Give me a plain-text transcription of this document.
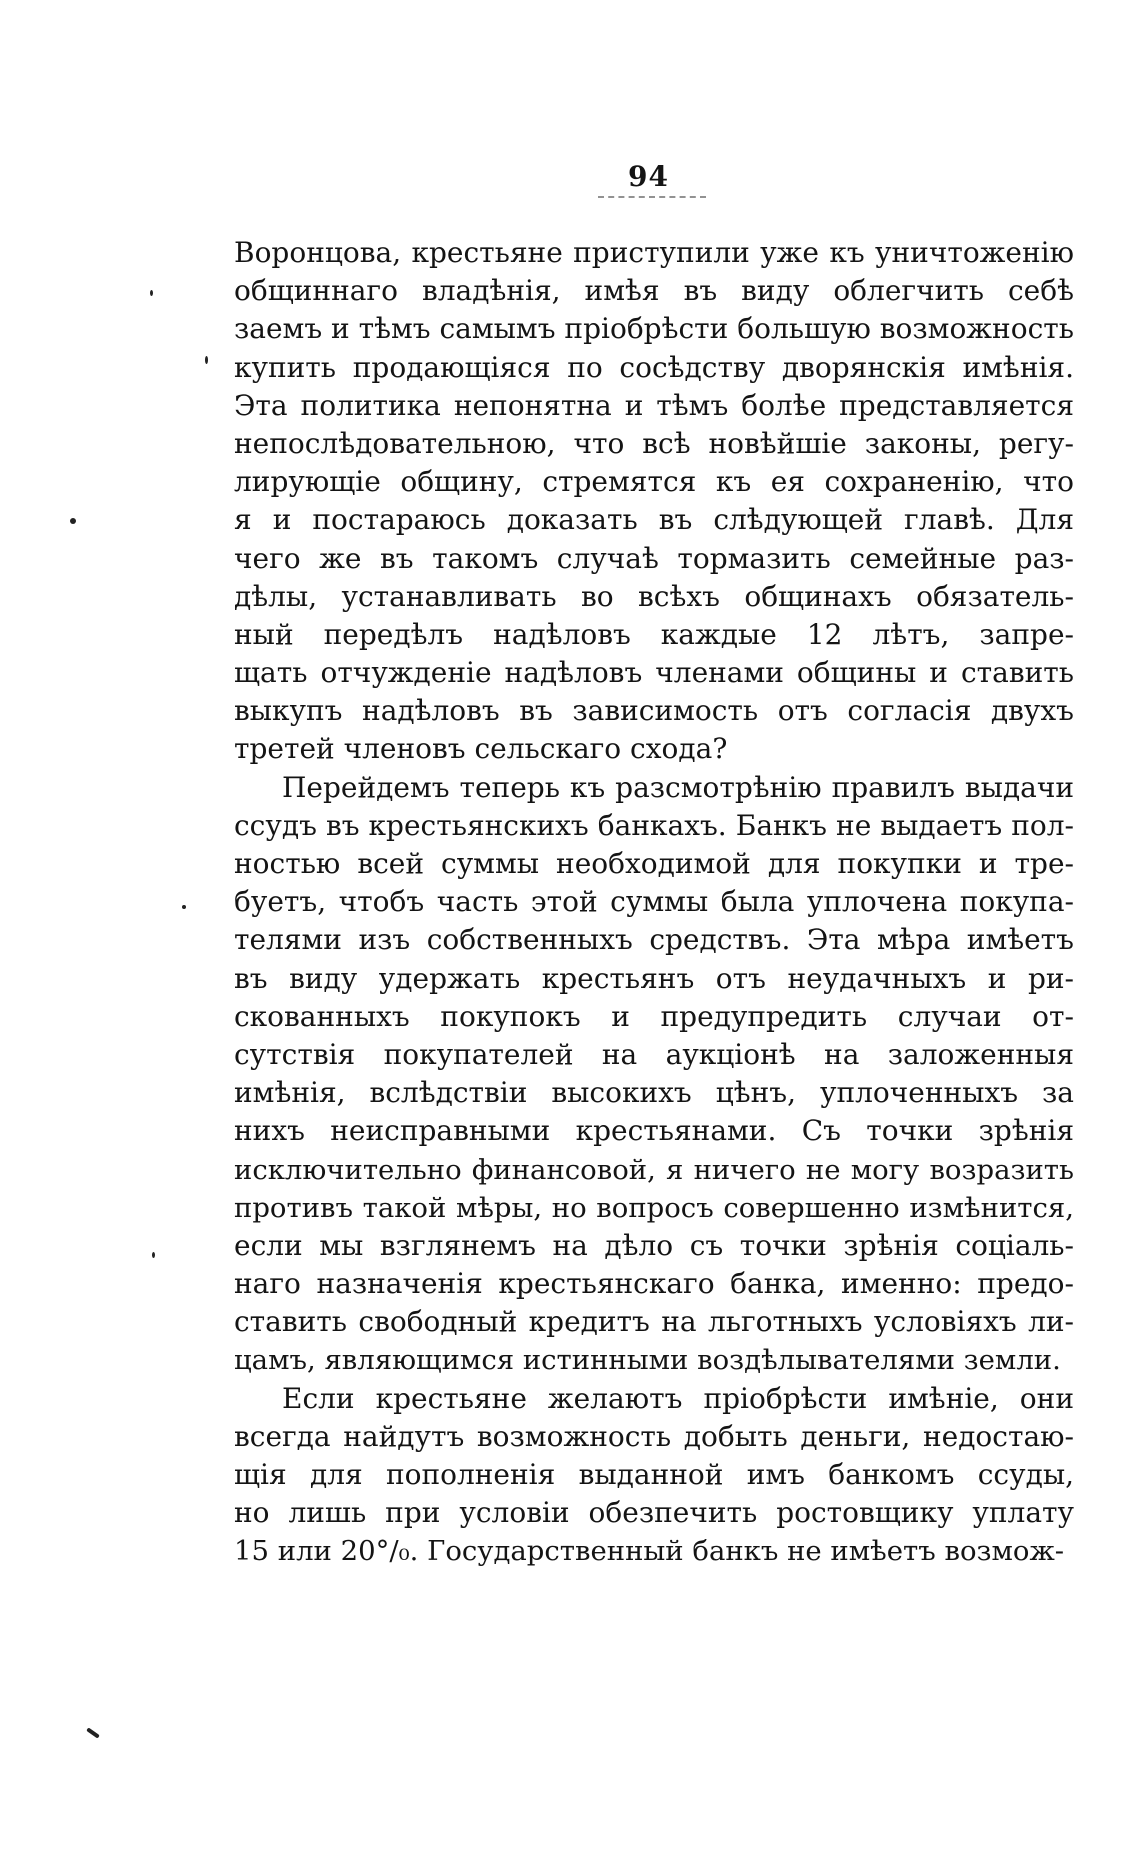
94
Воронцова, крестьяне приступили уже къ уничтоженію
общиннаго владѣнія, имѣя въ виду облегчить себѣ
заемъ и тѣмъ самымъ пріобрѣсти большую возможность
купить продающіяся по сосѣдству дворянскія имѣнія.
Эта политика непонятна и тѣмъ болѣе представляется
непослѣдовательною, что всѣ новѣйшіе законы, регу-
лирующіе общину, стремятся къ ея сохраненію, что
я и постараюсь доказать въ слѣдующей главѣ. Для
чего же въ такомъ случаѣ тормазить семейные раз-
дѣлы, устанавливать во всѣхъ общинахъ обязатель-
ный передѣлъ надѣловъ каждые 12 лѣтъ, запре-
щать отчужденіе надѣловъ членами общины и ставить
выкупъ надѣловъ въ зависимость отъ согласія двухъ
третей членовъ сельскаго схода?
Перейдемъ теперь къ разсмотрѣнію правилъ выдачи
ссудъ въ крестьянскихъ банкахъ. Банкъ не выдаетъ пол-
ностью всей суммы необходимой для покупки и тре-
буетъ, чтобъ часть этой суммы была уплочена покупа-
телями изъ собственныхъ средствъ. Эта мѣра имѣетъ
въ виду удержать крестьянъ отъ неудачныхъ и ри-
скованныхъ покупокъ и предупредить случаи от-
сутствія покупателей на аукціонѣ на заложенныя
имѣнія, вслѣдствіи высокихъ цѣнъ, уплоченныхъ за
нихъ неисправными крестьянами. Съ точки зрѣнія
исключительно финансовой, я ничего не могу возразить
противъ такой мѣры, но вопросъ совершенно измѣнится,
если мы взглянемъ на дѣло съ точки зрѣнія соціаль-
наго назначенія крестьянскаго банка, именно: предо-
ставить свободный кредитъ на льготныхъ условіяхъ ли-
цамъ, являющимся истинными воздѣлывателями земли.
Если крестьяне желаютъ пріобрѣсти имѣніе, они
всегда найдутъ возможность добыть деньги, недостаю-
щія для пополненія выданной имъ банкомъ ссуды,
но лишь при условіи обезпечить ростовщику уплату
15 или 20°/₀. Государственный банкъ не имѣетъ возмож-
